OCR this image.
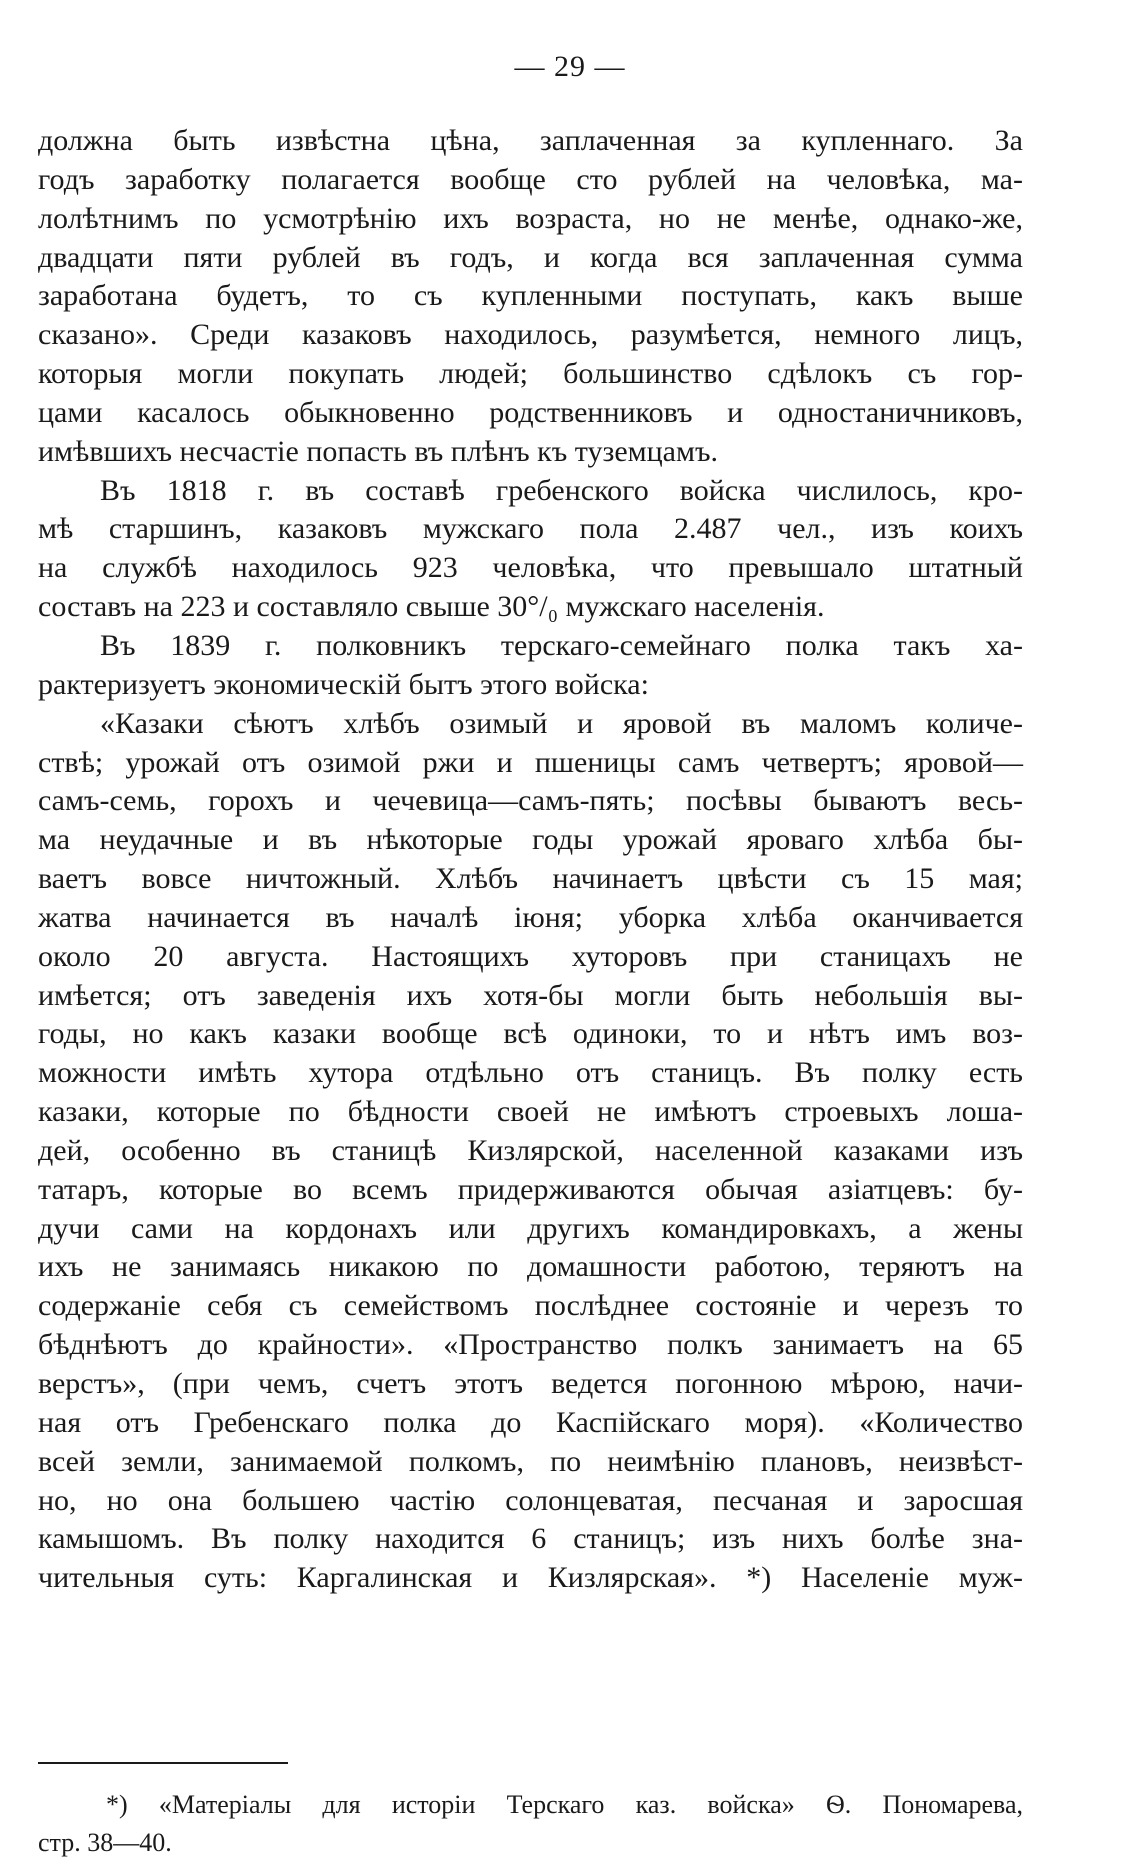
— 29 —
должна быть извѣстна цѣна, заплаченная за купленнаго. За
годъ заработку полагается вообще сто рублей на человѣка, ма-
лолѣтнимъ по усмотрѣнію ихъ возраста, но не менѣе, однако-же,
двадцати пяти рублей въ годъ, и когда вся заплаченная сумма
заработана будетъ, то съ купленными поступать, какъ выше
сказано». Среди казаковъ находилось, разумѣется, немного лицъ,
которыя могли покупать людей; большинство сдѣлокъ съ гор-
цами касалось обыкновенно родственниковъ и одностаничниковъ,
имѣвшихъ несчастіе попасть въ плѣнъ къ туземцамъ.
Въ 1818 г. въ составѣ гребенского войска числилось, кро-
мѣ старшинъ, казаковъ мужскаго пола 2.487 чел., изъ коихъ
на службѣ находилось 923 человѣка, что превышало штатный
составъ на 223 и составляло свыше 30°/₀ мужскаго населенія.
Въ 1839 г. полковникъ терскаго-семейнаго полка такъ ха-
рактеризуетъ экономическій бытъ этого войска:
«Казаки сѣютъ хлѣбъ озимый и яровой въ маломъ количе-
ствѣ; урожай отъ озимой ржи и пшеницы самъ четвертъ; яровой—
самъ-семь, горохъ и чечевица—самъ-пять; посѣвы бываютъ весь-
ма неудачные и въ нѣкоторые годы урожай яроваго хлѣба бы-
ваетъ вовсе ничтожный. Хлѣбъ начинаетъ цвѣсти съ 15 мая;
жатва начинается въ началѣ іюня; уборка хлѣба оканчивается
около 20 августа. Настоящихъ хуторовъ при станицахъ не
имѣется; отъ заведенія ихъ хотя-бы могли быть небольшія вы-
годы, но какъ казаки вообще всѣ одиноки, то и нѣтъ имъ воз-
можности имѣть хутора отдѣльно отъ станицъ. Въ полку есть
казаки, которые по бѣдности своей не имѣютъ строевыхъ лоша-
дей, особенно въ станицѣ Кизлярской, населенной казаками изъ
татаръ, которые во всемъ придерживаются обычая азіатцевъ: бу-
дучи сами на кордонахъ или другихъ командировкахъ, а жены
ихъ не занимаясь никакою по домашности работою, теряютъ на
содержаніе себя съ семействомъ послѣднее состояніе и черезъ то
бѣднѣютъ до крайности». «Пространство полкъ занимаетъ на 65
верстъ», (при чемъ, счетъ этотъ ведется погонною мѣрою, начи-
ная отъ Гребенскаго полка до Каспійскаго моря). «Количество
всей земли, занимаемой полкомъ, по неимѣнію плановъ, неизвѣст-
но, но она большею частію солонцеватая, песчаная и заросшая
камышомъ. Въ полку находится 6 станицъ; изъ нихъ болѣе зна-
чительныя суть: Каргалинская и Кизлярская». *) Населеніе муж-
*) «Матеріалы для исторіи Терскаго каз. войска» Ѳ. Пономарева,
стр. 38—40.
